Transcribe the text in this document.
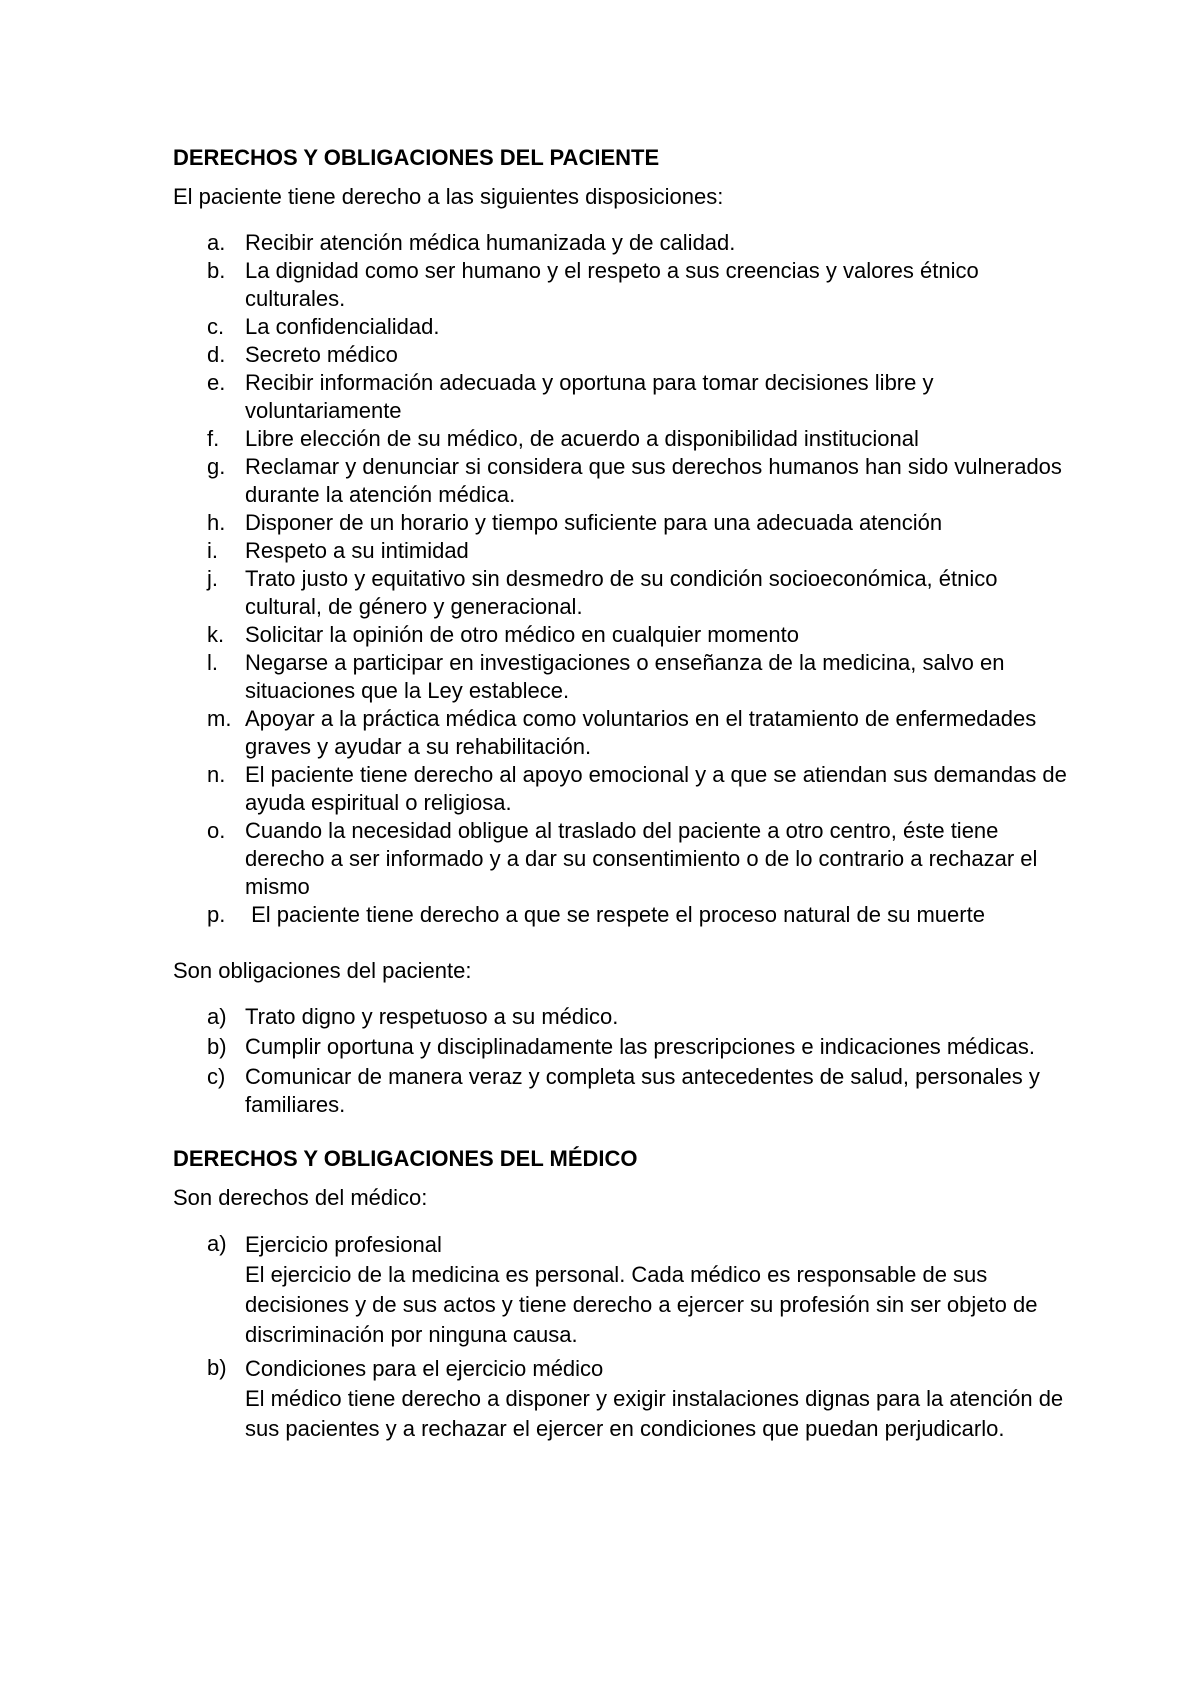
DERECHOS Y OBLIGACIONES DEL PACIENTE
El paciente tiene derecho a las siguientes disposiciones:
a. Recibir atención médica humanizada y de calidad.
b. La dignidad como ser humano y el respeto a sus creencias y valores étnico culturales.
c. La confidencialidad.
d. Secreto médico
e. Recibir información adecuada y oportuna para tomar decisiones libre y voluntariamente
f.	Libre elección de su médico, de acuerdo a disponibilidad institucional
g. Reclamar y denunciar si considera que sus derechos humanos han sido vulnerados durante la atención médica.
h. Disponer de un horario y tiempo suficiente para una adecuada atención
i.	Respeto a su intimidad
j.	Trato justo y equitativo sin desmedro de su condición socioeconómica, étnico cultural, de género y generacional.
k. Solicitar la opinión de otro médico en cualquier momento
l.	Negarse a participar en investigaciones o enseñanza de la medicina, salvo en situaciones que la Ley establece.
m. Apoyar a la práctica médica como voluntarios en el tratamiento de enfermedades graves y ayudar a su rehabilitación.
n. El paciente tiene derecho al apoyo emocional y a que se atiendan sus demandas de ayuda espiritual o religiosa.
o. Cuando la necesidad obligue al traslado del paciente a otro centro, éste tiene derecho a ser informado y a dar su consentimiento o de lo contrario a rechazar el mismo
p. El paciente tiene derecho a que se respete el proceso natural de su muerte
Son obligaciones del paciente:
a) Trato digno y respetuoso a su médico.
b) Cumplir oportuna y disciplinadamente las prescripciones e indicaciones médicas.
c) Comunicar de manera veraz y completa sus antecedentes de salud, personales y familiares.
DERECHOS Y OBLIGACIONES DEL MÉDICO
Son derechos del médico:
a) Ejercicio profesional
El ejercicio de la medicina es personal. Cada médico es responsable de sus decisiones y de sus actos y tiene derecho a ejercer su profesión sin ser objeto de discriminación por ninguna causa.
b) Condiciones para el ejercicio médico
El médico tiene derecho a disponer y exigir instalaciones dignas para la atención de sus pacientes y a rechazar el ejercer en condiciones que puedan perjudicarlo.
